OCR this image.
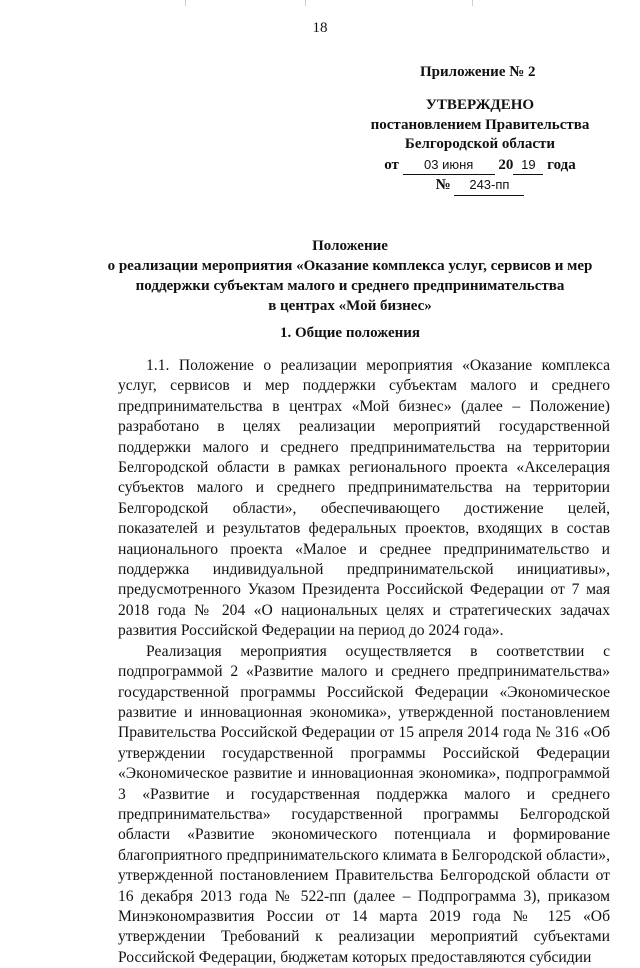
18
Приложение № 2
УТВЕРЖДЕНО
постановлением Правительства
Белгородской области
от 03 июня 20 19 года
№ 243-пп
Положение
о реализации мероприятия «Оказание комплекса услуг, сервисов и мер
поддержки субъектам малого и среднего предпринимательства
в центрах «Мой бизнес»
1. Общие положения

1.1. Положение о реализации мероприятия «Оказание комплекса услуг, сервисов и мер поддержки субъектам малого и среднего предпринимательства в центрах «Мой бизнес» (далее – Положение) разработано в целях реализации мероприятий государственной поддержки малого и среднего предпринимательства на территории Белгородской области в рамках регионального проекта «Акселерация субъектов малого и среднего предпринимательства на территории Белгородской области», обеспечивающего достижение целей, показателей и результатов федеральных проектов, входящих в состав национального проекта «Малое и среднее предпринимательство и поддержка индивидуальной предпринимательской инициативы», предусмотренного Указом Президента Российской Федерации от 7 мая 2018 года № 204 «О национальных целях и стратегических задачах развития Российской Федерации на период до 2024 года».

Реализация мероприятия осуществляется в соответствии с подпрограммой 2 «Развитие малого и среднего предпринимательства» государственной программы Российской Федерации «Экономическое развитие и инновационная экономика», утвержденной постановлением Правительства Российской Федерации от 15 апреля 2014 года № 316 «Об утверждении государственной программы Российской Федерации «Экономическое развитие и инновационная экономика», подпрограммой 3 «Развитие и государственная поддержка малого и среднего предпринимательства» государственной программы Белгородской области «Развитие экономического потенциала и формирование благоприятного предпринимательского климата в Белгородской области», утвержденной постановлением Правительства Белгородской области от 16 декабря 2013 года № 522-пп (далее – Подпрограмма 3), приказом Минэкономразвития России от 14 марта 2019 года № 125 «Об утверждении Требований к реализации мероприятий субъектами Российской Федерации, бюджетам которых предоставляются субсидии
